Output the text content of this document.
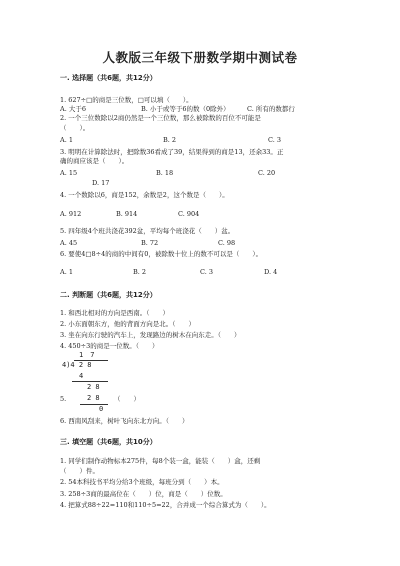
人教版三年级下册数学期中测试卷
一. 选择题（共6题，共12分）
1. 627÷□的商是三位数，□可以填（　　）。
A. 大于6	B. 小于或等于6的数（0除外）	C. 所有的数都行
2. 一个三位数除以2商仍然是一个三位数，那么被除数的百位不可能是
（　　）。
A. 1	B. 2	C. 3
3. 明明在计算除法时，把除数36看成了39，结果得到的商是13，还余33。正
确的商应该是（　　）。
A. 15	B. 18	C. 20
D. 17
4. 一个数除以6，商是152，余数是2，这个数是（　　）。
A. 912	B. 914	C. 904
5. 四年级4个班共浇花392盆，平均每个班浇花（　　）盆。
A. 45	B. 72	C. 98
6. 要使4□8÷4的商的中间有0，被除数十位上的数不可以是（　　）。
A. 1	B. 2	C. 3	D. 4
二. 判断题（共6题，共12分）
1. 和西北相对的方向是西南。（　　）
2. 小东面朝东方，他的背面方向是北。（　　）
3. 坐在向东行驶的汽车上，发现路边的树木在向东走。（　　）
4. 450÷3的商是一位数。（　　）
1　7
4)4 2 8
4
2 8
2 8
0
5.	（　　）
6. 西南风刮来，树叶飞向东北方向。（　　）
三. 填空题（共6题，共10分）
1. 同学们制作动物标本275件，每8个装一盒，能装（　　）盒，还剩
（　　）件。
2. 54本科技书平均分给3个班级，每班分到（　　）本。
3. 258÷3商的最高位在（　　）位，商是（　　）位数。
4. 把算式88÷22=110和110÷5=22，合并成一个综合算式为（　　）。
